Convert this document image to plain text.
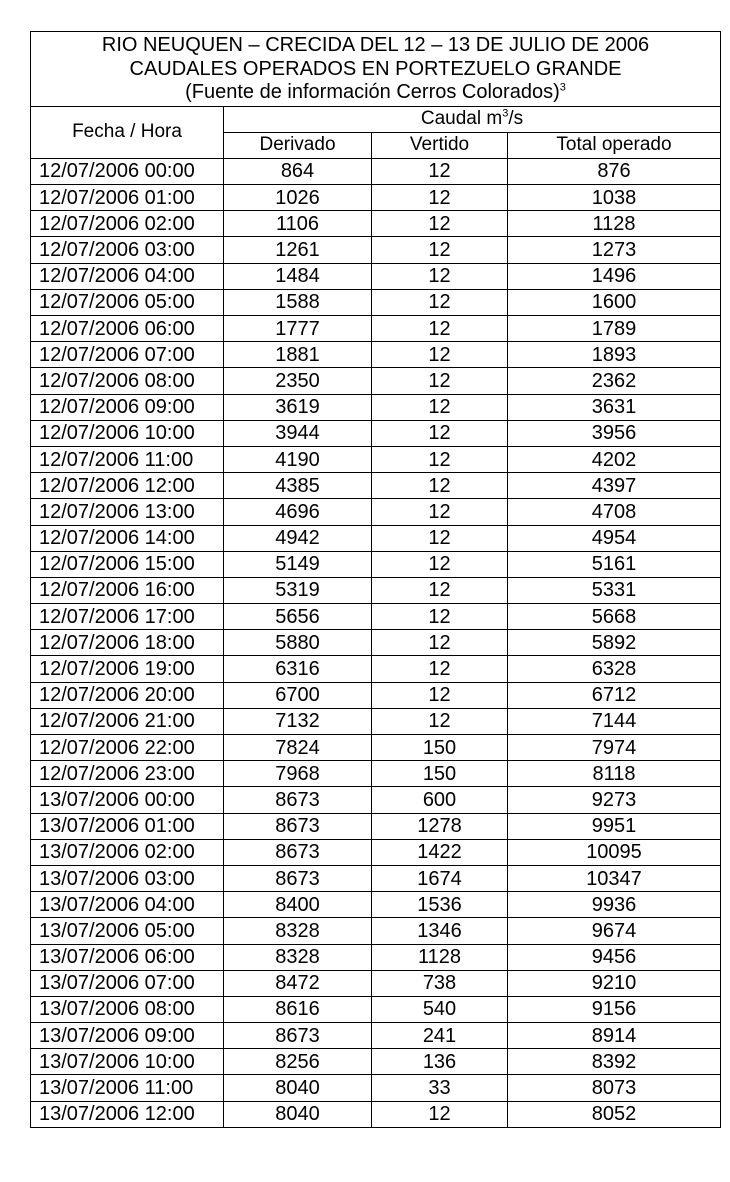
RIO NEUQUEN – CRECIDA DEL 12 – 13 DE JULIO DE 2006
CAUDALES OPERADOS EN PORTEZUELO GRANDE
(Fuente de información Cerros Colorados)$^3$

Fecha / Hora	Caudal $m^3/s$		
	Derivado	Vertido	Total operado
12/07/2006 00:00	864	12	876
12/07/2006 01:00	1026	12	1038
12/07/2006 02:00	1106	12	1128
12/07/2006 03:00	1261	12	1273
12/07/2006 04:00	1484	12	1496
12/07/2006 05:00	1588	12	1600
12/07/2006 06:00	1777	12	1789
12/07/2006 07:00	1881	12	1893
12/07/2006 08:00	2350	12	2362
12/07/2006 09:00	3619	12	3631
12/07/2006 10:00	3944	12	3956
12/07/2006 11:00	4190	12	4202
12/07/2006 12:00	4385	12	4397
12/07/2006 13:00	4696	12	4708
12/07/2006 14:00	4942	12	4954
12/07/2006 15:00	5149	12	5161
12/07/2006 16:00	5319	12	5331
12/07/2006 17:00	5656	12	5668
12/07/2006 18:00	5880	12	5892
12/07/2006 19:00	6316	12	6328
12/07/2006 20:00	6700	12	6712
12/07/2006 21:00	7132	12	7144
12/07/2006 22:00	7824	150	7974
12/07/2006 23:00	7968	150	8118
13/07/2006 00:00	8673	600	9273
13/07/2006 01:00	8673	1278	9951
13/07/2006 02:00	8673	1422	10095
13/07/2006 03:00	8673	1674	10347
13/07/2006 04:00	8400	1536	9936
13/07/2006 05:00	8328	1346	9674
13/07/2006 06:00	8328	1128	9456
13/07/2006 07:00	8472	738	9210
13/07/2006 08:00	8616	540	9156
13/07/2006 09:00	8673	241	8914
13/07/2006 10:00	8256	136	8392
13/07/2006 11:00	8040	33	8073
13/07/2006 12:00	8040	12	8052
